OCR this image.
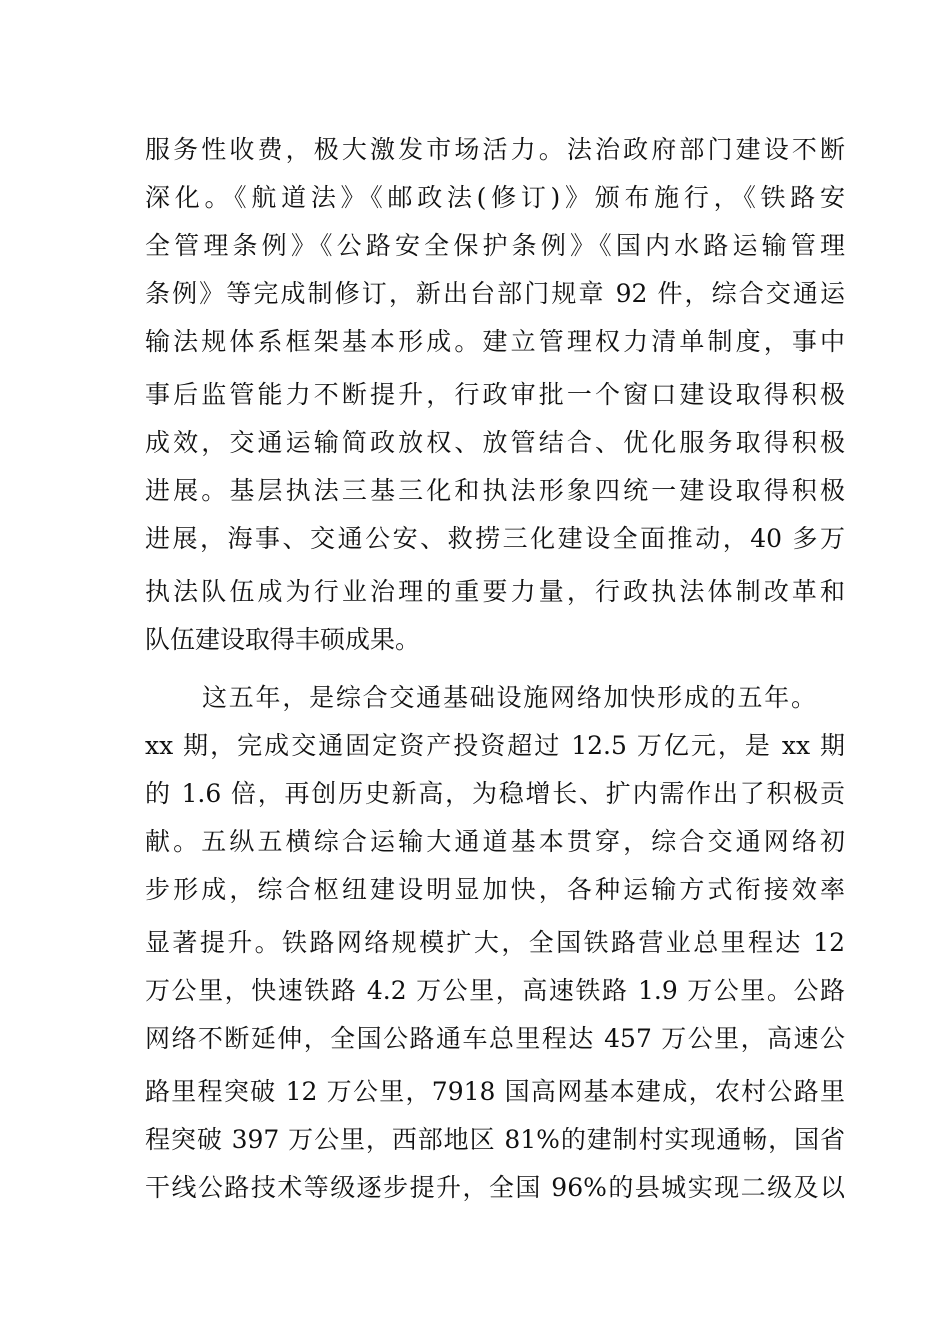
服务性收费，极大激发市场活力。法治政府部门建设不断
深化。《航道法》《邮政法(修订)》颁布施行，《铁路安
全管理条例》《公路安全保护条例》《国内水路运输管理
条例》等完成制修订，新出台部门规章 92 件，综合交通运
输法规体系框架基本形成。建立管理权力清单制度，事中
事后监管能力不断提升，行政审批一个窗口建设取得积极
成效，交通运输简政放权、放管结合、优化服务取得积极
进展。基层执法三基三化和执法形象四统一建设取得积极
进展，海事、交通公安、救捞三化建设全面推动，40 多万
执法队伍成为行业治理的重要力量，行政执法体制改革和
队伍建设取得丰硕成果。
这五年，是综合交通基础设施网络加快形成的五年。
xx 期，完成交通固定资产投资超过 12.5 万亿元，是 xx 期
的 1.6 倍，再创历史新高，为稳增长、扩内需作出了积极贡
献。五纵五横综合运输大通道基本贯穿，综合交通网络初
步形成，综合枢纽建设明显加快，各种运输方式衔接效率
显著提升。铁路网络规模扩大，全国铁路营业总里程达 12
万公里，快速铁路 4.2 万公里，高速铁路 1.9 万公里。公路
网络不断延伸，全国公路通车总里程达 457 万公里，高速公
路里程突破 12 万公里，7918 国高网基本建成，农村公路里
程突破 397 万公里，西部地区 81%的建制村实现通畅，国省
干线公路技术等级逐步提升，全国 96%的县城实现二级及以
